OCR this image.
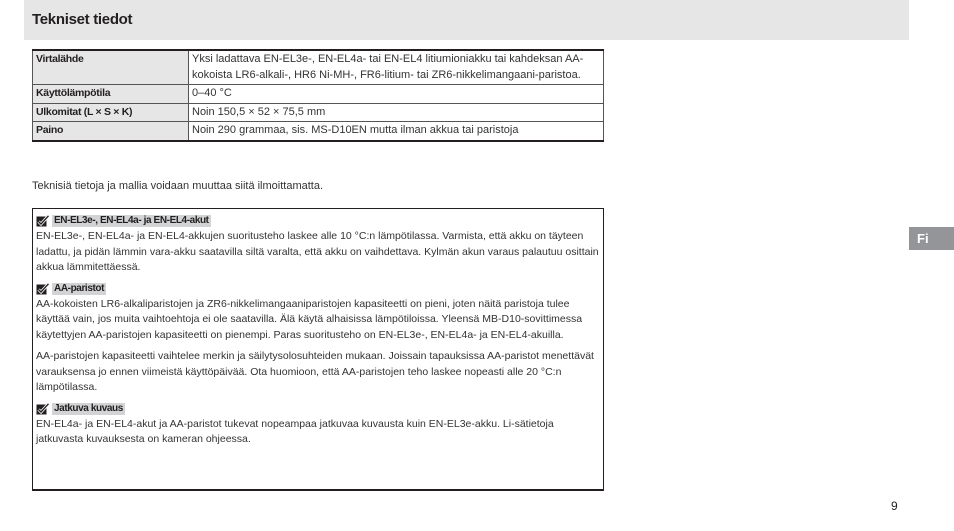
Tekniset tiedot
Virtalähde	Yksi ladattava EN-EL3e-, EN-EL4a- tai EN-EL4 litiumioniakku tai kahdeksan AA-kokoista LR6-alkali-, HR6 Ni-MH-, FR6-litium- tai ZR6-nikkelimangaani-paristoa.
Käyttölämpötila	0–40 °C
Ulkomitat (L × S × K)	Noin 150,5 × 52 × 75,5 mm
Paino	Noin 290 grammaa, sis. MS-D10EN mutta ilman akkua tai paristoja

Teknisiä tietoja ja mallia voidaan muuttaa siitä ilmoittamatta.

EN-EL3e-, EN-EL4a- ja EN-EL4-akut

EN-EL3e-, EN-EL4a- ja EN-EL4-akkujen suoritusteho laskee alle 10 °C:n lämpötilassa. Varmista, että akku on täyteen ladattu, ja pidän lämmin vara-akku saatavilla siltä varalta, että akku on vaihdettava. Kylmän akun varaus palautuu osittain akkua lämmitettäessä.

AA-paristot

AA-kokoisten LR6-alkaliparistojen ja ZR6-nikkelimangaaniparistojen kapasiteetti on pieni, joten näitä paristoja tulee käyttää vain, jos muita vaihtoehtoja ei ole saatavilla. Älä käytä alhaisissa lämpötiloissa. Yleensä MB-D10-sovittimessa käytettyjen AA-paristojen kapasiteetti on pienempi. Paras suoritusteho on EN-EL3e-, EN-EL4a- ja EN-EL4-akuilla.

AA-paristojen kapasiteetti vaihtelee merkin ja säilytysolosuhteiden mukaan. Joissain tapauksissa AA-paristot menettävät varauksensa jo ennen viimeistä käyttöpäivää. Ota huomioon, että AA-paristojen teho laskee nopeasti alle 20 °C:n lämpötilassa.

Jatkuva kuvaus

EN-EL4a- ja EN-EL4-akut ja AA-paristot tukevat nopeampaa jatkuvaa kuvausta kuin EN-EL3e-akku. Li-sätietoja jatkuvasta kuvauksesta on kameran ohjeessa.

Fi
9
